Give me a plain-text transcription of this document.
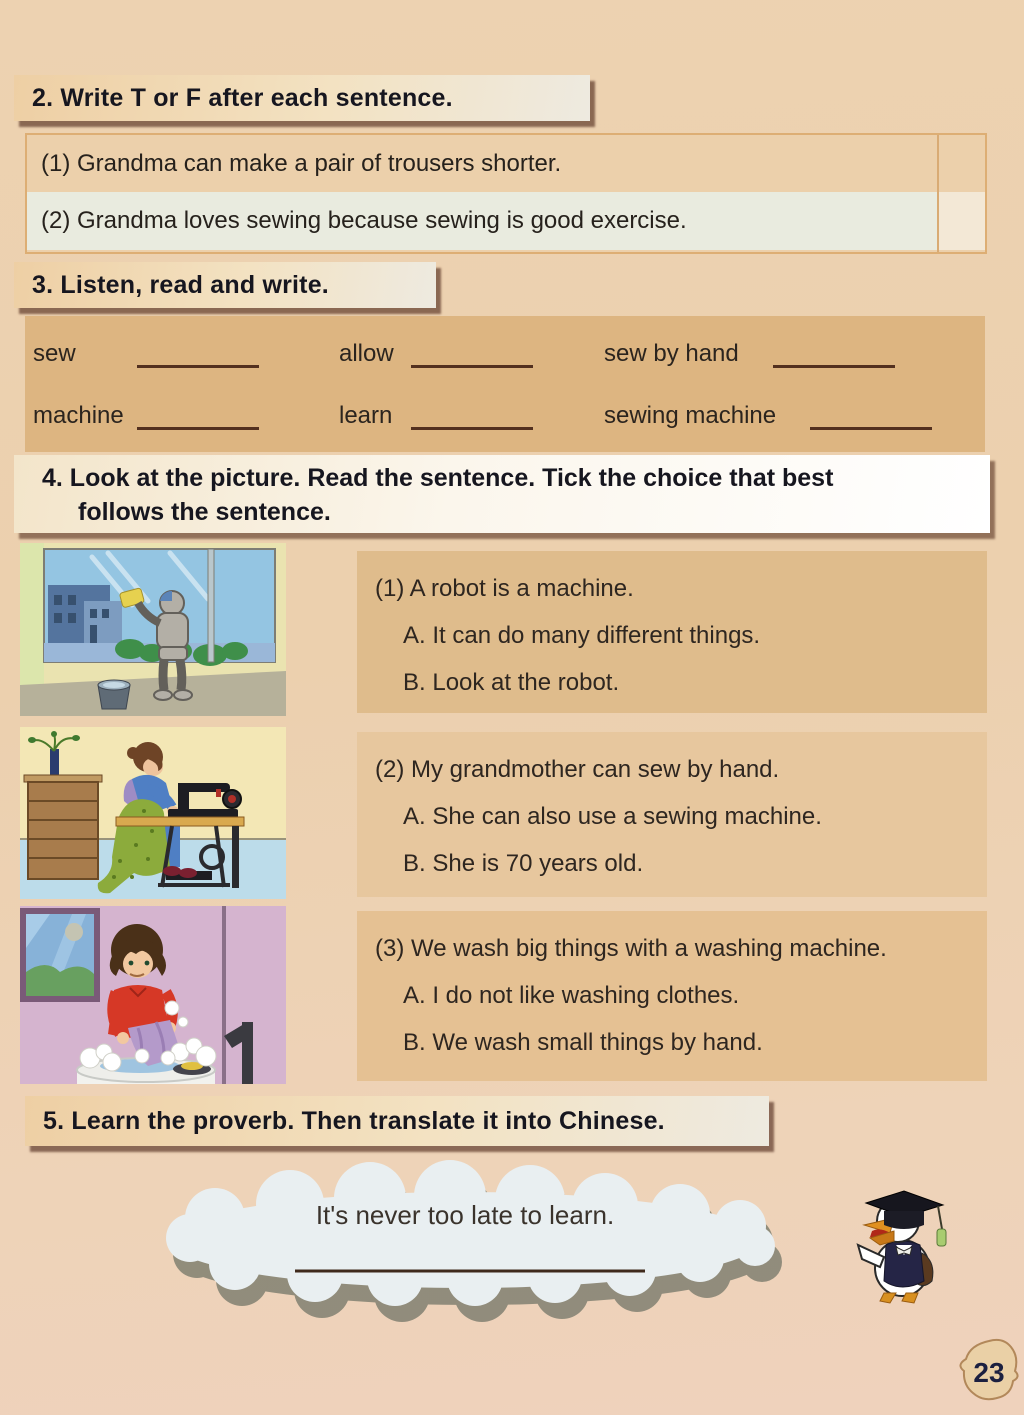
2. Write T or F after each sentence.
(1) Grandma can make a pair of trousers shorter.
(2) Grandma loves sewing because sewing is good exercise.
3. Listen, read and write.
sew	allow	sew by hand
machine	learn	sewing machine
4. Look at the picture. Read the sentence. Tick the choice that best
follows the sentence.
(1) A robot is a machine.
A. It can do many different things.
B. Look at the robot.
(2) My grandmother can sew by hand.
A. She can also use a sewing machine.
B. She is 70 years old.
(3) We wash big things with a washing machine.
A. I do not like washing clothes.
B. We wash small things by hand.
5. Learn the proverb. Then translate it into Chinese.
It's never too late to learn.
23
